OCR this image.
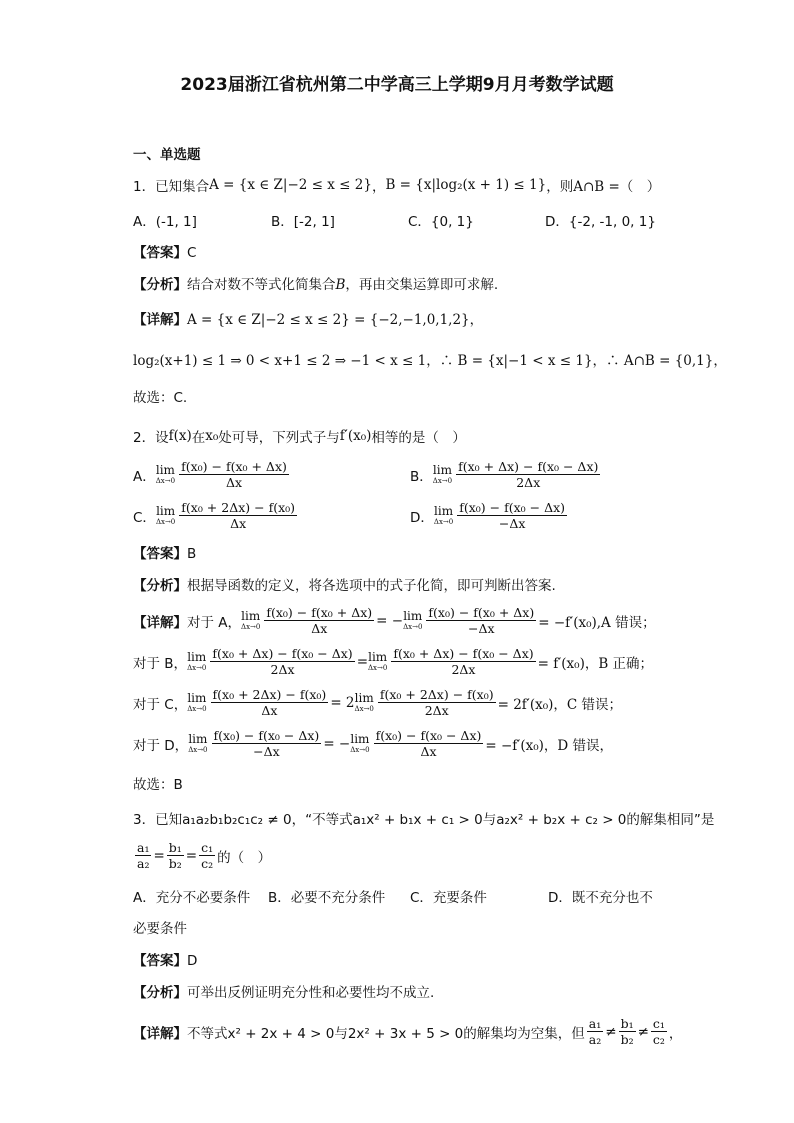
2023届浙江省杭州第二中学高三上学期9月月考数学试题
一、单选题
1．已知集合 A = {x ∈ Z|−2 ≤ x ≤ 2} ， B = {x|log₂(x + 1) ≤ 1} ，则 A∩B =（　）
A．(-1, 1]	B．[-2, 1]	C．{0, 1}	D．{-2, -1, 0, 1}
【答案】C
【分析】结合对数不等式化简集合B，再由交集运算即可求解.
【详解】A = {x ∈ Z|−2 ≤ x ≤ 2} = {−2,−1,0,1,2}，
log₂(x+1) ≤ 1 ⇒ 0 < x+1 ≤ 2 ⇒ −1 < x ≤ 1，∴ B = {x|−1 < x ≤ 1}，∴ A∩B = {0,1}，
故选：C.
2．设 f(x) 在 x₀ 处可导，下列式子与 f′(x₀) 相等的是（　）
A． lim
$\Delta x\to 0 \frac{\text{f(x₀) − f(x₀ + Δx)}}{\Delta x}$	B． lim
$\Delta x\to 0 \frac{\text{f(x₀ + Δx) − f(x₀ − Δx)}}{2\Delta x}$
C． lim
$\Delta x\to 0 \frac{\text{f(x₀ + 2Δx) − f(x₀)}}{\Delta x}$	D． lim
$\Delta x\to 0 \frac{\text{f(x₀) − f(x₀ − Δx)}}{-\Delta x}$
【答案】B
【分析】根据导函数的定义，将各选项中的式子化简，即可判断出答案.
【详解】 对于 A， lim
$\Delta x\to 0 \frac{\text{f(x₀) − f(x₀ + Δx)}}{\Delta x}$ = − lim
$\Delta x\to 0 \frac{\text{f(x₀) − f(x₀ + Δx)}}{-\Delta x} = -f'(x_0),A$ 错误；
对于 B， lim
$\Delta x\to 0 \frac{\text{f(x₀ + Δx) − f(x₀ − Δx)}}{2\Delta x} = \lim$
$\Delta x\to 0 \frac{\text{f(x₀ + Δx) − f(x₀ − Δx)}}{2\Delta x} = f'(x_0)$，B 正确；
对于 C， lim
$\Delta x\to 0 \frac{\text{f(x₀ + 2Δx) − f(x₀)}}{\Delta x} = 2$ lim
$\Delta x\to 0 \frac{\text{f(x₀ + 2Δx) − f(x₀)}}{2\Delta x} = 2f'(x_0)$，C 错误；
对于 D， lim
$\Delta x\to 0 \frac{\text{f(x₀) − f(x₀ − Δx)}}{-\Delta x}$ = − lim
$\Delta x\to 0 \frac{\text{f(x₀) − f(x₀ − Δx)}}{\Delta x} = -f'(x_0)$，D 错误，
故选：B
3．已知a₁a₂b₁b₂c₁c₂ ≠ 0，“不等式a₁x² + b₁x + c₁ > 0与a₂x² + b₂x + c₂ > 0的解集相同”是
$\frac{\text{a₁}}{\text{a₂}} = \frac{\text{b₁}}{\text{b₂}} = \frac{\text{c₁}}{\text{c₂}}$ 的（　）
A．充分不必要条件 B．必要不充分条件 C．充要条件	D．既不充分也不
必要条件
【答案】D
【分析】可举出反例证明充分性和必要性均不成立.
【详解】 不等式x² + 2x + 4 > 0与2x² + 3x + 5 > 0的解集均为空集，但 $\frac{\text{a₁}}{\text{a₂}} \ne \frac{\text{b₁}}{\text{b₂}} \ne \frac{\text{c₁}}{\text{c₂}}$ ，
